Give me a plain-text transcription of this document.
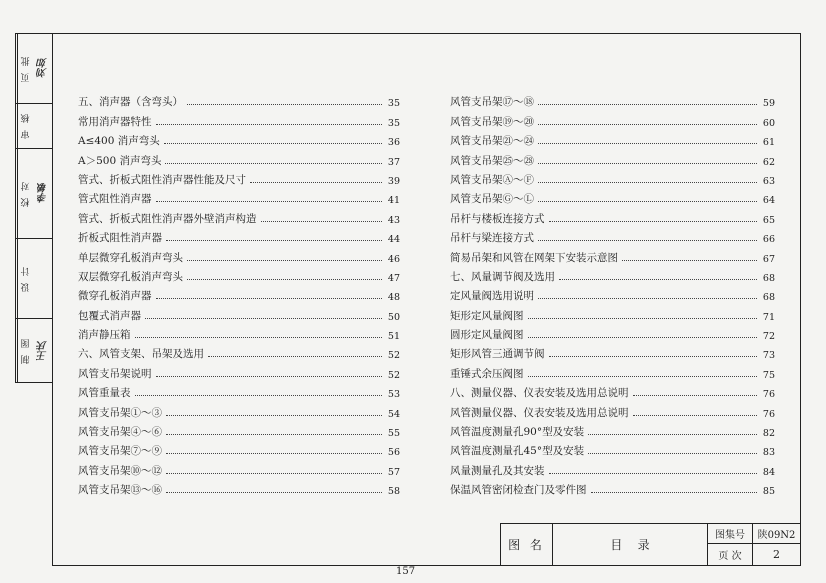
页 批 刘如
审 核
校 对 李敏
设 计
制 图 王庆
五、消声器（含弯头）	35
常用消声器特性	35
A≤400 消声弯头	36
A＞500 消声弯头	37
管式、折板式阻性消声器性能及尺寸	39
管式阻性消声器	41
管式、折板式阻性消声器外壁消声构造	43
折板式阻性消声器	44
单层微穿孔板消声弯头	46
双层微穿孔板消声弯头	47
微穿孔板消声器	48
包覆式消声器	50
消声静压箱	51
六、风管支架、吊架及选用	52
风管支吊架说明	52
风管重量表	53
风管支吊架①～③	54
风管支吊架④～⑥	55
风管支吊架⑦～⑨	56
风管支吊架⑩～⑫	57
风管支吊架⑬～⑯	58
风管支吊架⑰～⑱	59
风管支吊架⑲～⑳	60
风管支吊架㉑～㉔	61
风管支吊架㉕～㉘	62
风管支吊架Ⓐ～Ⓕ	63
风管支吊架Ⓖ～Ⓛ	64
吊杆与楼板连接方式	65
吊杆与梁连接方式	66
简易吊架和风管在网架下安装示意图	67
七、风量调节阀及选用	68
定风量阀选用说明	68
矩形定风量阀图	71
圆形定风量阀图	72
矩形风管三通调节阀	73
重锤式余压阀图	75
八、测量仪器、仪表安装及选用总说明	76
风管测量仪器、仪表安装及选用总说明	76
风管温度测量孔90°型及安装	82
风管温度测量孔45°型及安装	83
风量测量孔及其安装	84
保温风管密闭检查门及零件图	85
图 名	目    录
图集号	陕09N2
页 次	2
157
